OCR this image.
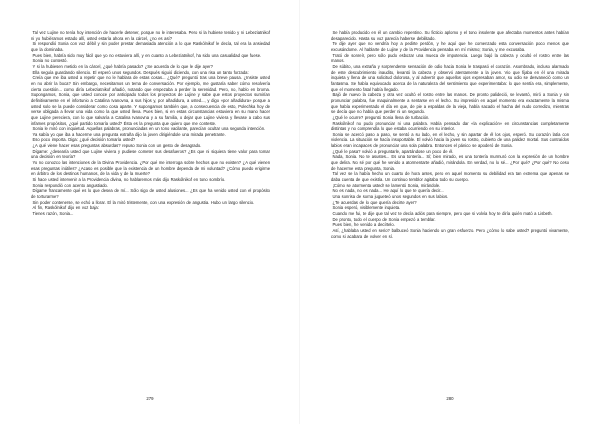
Tal vez Lujine no tenía hoy intención de hacerle detener, porque no le interesaba. Pero si la hubiese tenido y ni Lebeziatnikof ni yo hubiéramos estado allí, usted estaría ahora en la cárcel, ¿no es así?

Si respondió Sonia con voz débil y sin poder prestar demasiada atención a lo que Raskólnikof le decía, tal era la ansiedad que la dominaba.

Pues bien, habría sido muy fácil que yo no estuviera allí, y en cuanto a Lebeziatnikof, ha sido una casualidad que fuese.

Sonia no contestó.

Y si la hubiesen metido en la cárcel, ¿qué habría pasado? ¿Se acuerda de lo que le dije ayer?

Ella seguía guardando silencio. El esperó unos segundos. Después siguió diciendo, con una risa un tanto forzada:

Creía que me iba usted a repetir que no le hablara de estas cosas... ¿Qué? preguntó tras una breve pausa. ¿Insiste usted en no abrir la boca? Sin embargo, necesitamos un tema de conversación. Por ejemplo, me gustaría saber cómo resolvería cierta cuestión... como diría Lebeziatnikof añadió, notando que empezaba a perder la serenidad. Pero, no, hablo en broma. Supongamos, Sonia, que usted conoce por anticipado todos los proyectos de Lujine y sabe que estos proyectos sumirían definitivamente en el infortunio a Catalina Ivanovna, a sus hijos y, por añadidura, a usted..., y digo «por añadidura» porque a usted solo se la puede considerar como cosa aparte. Y supongamos también que, a consecuencia de esto, Polechka hoy de verse obligada a llevar una vida como la que usted lleva. Pues bien, si en estas circunstancias estuviera en su mano hacer que Lujine pereciera, con lo que salvaría a Catalina Ivanovna y a su familia, o dejar que Lujine viviera y llevase a cabo sus infames propósitos, ¿qué partido tomaría usted? Ésta es la pregunta que quiero que me conteste.

Sonia le miró con inquietud. Aquellas palabras, pronunciadas en un tono vacilante, parecían ocultar una segunda intención.

Ya sabía yo que iba a hacerme una pregunta extraña dijo la joven dirigiéndole una mirada penetrante.

Eso poco importa. Diga: ¿qué decisión tomaría usted?

¿A qué viene hacer esas preguntas absurdas? repuso Sonia con un gesto de desagrado.

Dígame: ¿desearía usted que Lujine viviera y pudiese cometer sus desafueros? ¿Es que ni siquiera tiene valor para tomar una decisión en teoría?

Yo no conozco las intenciones de la Divina Providencia. ¿Por qué me interroga sobre hechos que no existen? ¿A qué vienen esas preguntas inútiles? ¿Acaso es posible que la existencia de un hombre dependa de mi voluntad? ¿Cómo puedo erigirme en árbitro de los destinos humanos, de la vida y de la muerte?

Si hace usted intervenir a la Providencia divina, no hablaremos más dijo Raskólnikof en tono sombrío.

Sonia respondió con acento angustiado.

Dígame francamente qué es lo que desea de mí... Sólo sigo de usted alusiones... ¿Es que ha venido usted con el propósito de torturarme?

Sin poder contenerse, se echó a llorar. El la miró tristemente, con una expresión de angustia. Hubo un largo silencio.

Al fin, Raskólnikof dijo en voz baja:

Tienes razón, Sonia...

279

Se había producido en él un cambio repentino. Su ficticio aplomo y el tono insolente que afectaba momentos antes habían desaparecido. Hasta su voz parecía haberse debilitado.

Te dije ayer que no vendría hoy a pedirte perdón, y he aquí que he comenzado esta conversación poco menos que excusándome. Al hablarte de Lujine y de la Providencia pensaba en mí mismo; Sonia, y me excusaba.

Trató de sonreír, pero sólo pudo esbozar una mueca de impotencia. Luego bajó la cabeza y ocultó el rostro entre las manos.

De súbito, una extraña y sorprendente sensación de odio hacia Sonia le traspasó el corazón. Asombrado, incluso alarmado de este descubrimiento inaudito, levantó la cabeza y observó atentamente a la joven. Vio que fijaba en él una mirada inquieta y llena de una solicitud dolorosa, y al advertir que aquellos ojos expresaban amor, su odio se desvaneció como un fantasma. Se había equivocado acerca de la naturaleza del sentimiento que experimentaba: lo que sentía era, simplemente, que el momento fatal había llegado.

Bajó de nuevo la cabeza y otra vez ocultó el rostro entre las manos. De pronto palideció, se levantó, miró a Sonia y sin pronunciar palabra, fue maquinalmente a sentarse en el lecho. Su impresión en aquel momento era exactamente la misma que había experimentado el día en que, de pie a espaldas de la vieja, había sacado el hacha del nudo corredizo, mientras se decía que no había que perder ni un segundo.

¿Qué le ocurre? preguntó Sonia llena de turbación.

Raskólnikof no pudo pronunciar ni una palabra. Había pensado dar «la explicación» en circunstancias completamente distintas y no comprendía lo que estaba ocurriendo en su interior.

Sonia se acercó paso a paso, se sentó a su lado, en el lecho, y sin apartar de él los ojos, esperó. Su corazón latía con violencia. La situación se hacía insoportable. El volvió hacia la joven su rostro, cubierto de una palidez mortal. Sus contraídos labios eran incapaces de pronunciar una sola palabra. Entonces el pánico se apoderó de Sonia.

¿Qué le pasa? volvió a preguntarle, apartándose un poco de él.

Nada, Sonia. No te asustes... Es una tontería... Sí; bien mirado, es una tontería murmuró con la expresión de un hombre que delira. No sé por qué he venido a atormentarte añadió, mirándola. En verdad, no lo sé... ¿Por qué? ¿Por qué? No ceso de hacerme esta pregunta, Sonia.

Tal vez se la había hecho un cuarto de hora antes, pero en aquel momento su debilidad era tan extrema que apenas se daba cuenta de que existía. Un continuo temblor agitaba todo su cuerpo.

¡Cómo se atormenta usted! se lamentó Sonia, mirándole.

No es nada, no es nada... He aquí lo que te quería decir...

Una sonrisa de sorna jugueteó unos segundos en sus labios.

¿Te acuerdas de lo que quería decirte ayer?

Sonia esperó, visiblemente inquieta.

Cuando me fui, te dije que tal vez te decía adiós para siempre, pero que si volvía hoy te diría quién mató a Lisbeth.

De pronto, todo el cuerpo de Sonia empezó a temblar.

Pues bien, he venido a decírtelo.

Así, ¿hablaba usted en serio? balbuceó Sonia haciendo un gran esfuerzo. Pero ¿cómo lo sabe usted? preguntó vivamente, como si acabara de volver en sí.

280
